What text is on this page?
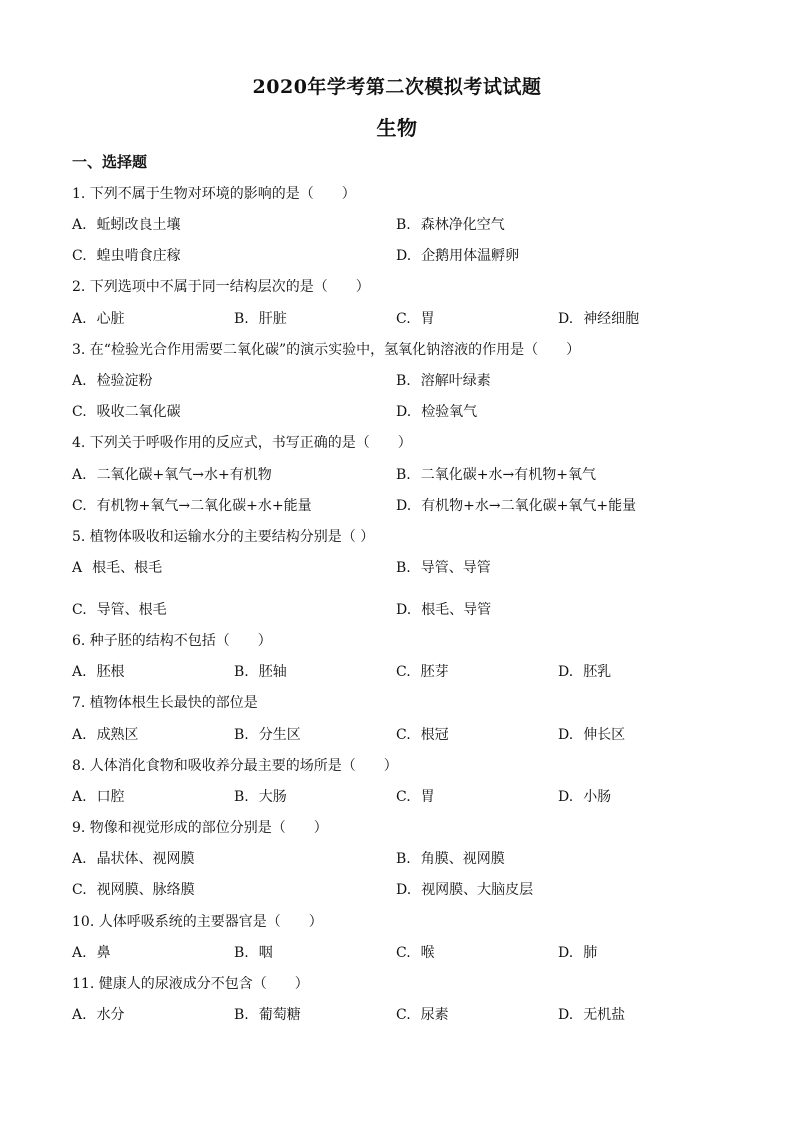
2020年学考第二次模拟考试试题
生物
一、选择题
1. 下列不属于生物对环境的影响的是（　　）
A. 蚯蚓改良土壤	B. 森林净化空气
C. 蝗虫啃食庄稼	D. 企鹅用体温孵卵
2. 下列选项中不属于同一结构层次的是（　　）
A. 心脏	B. 肝脏	C. 胃	D. 神经细胞
3. 在“检验光合作用需要二氧化碳”的演示实验中，氢氧化钠溶液的作用是（　　）
A. 检验淀粉	B. 溶解叶绿素
C. 吸收二氧化碳	D. 检验氧气
4. 下列关于呼吸作用的反应式，书写正确的是（　　）
A. 二氧化碳+氧气→水+有机物	B. 二氧化碳+水→有机物+氧气
C. 有机物+氧气→二氧化碳+水+能量	D. 有机物+水→二氧化碳+氧气+能量
5. 植物体吸收和运输水分的主要结构分别是（ ）
A 根毛、根毛	B. 导管、导管
C. 导管、根毛	D. 根毛、导管
6. 种子胚的结构不包括（　　）
A. 胚根	B. 胚轴	C. 胚芽	D. 胚乳
7. 植物体根生长最快的部位是
A. 成熟区	B. 分生区	C. 根冠	D. 伸长区
8. 人体消化食物和吸收养分最主要的场所是（　　）
A. 口腔	B. 大肠	C. 胃	D. 小肠
9. 物像和视觉形成的部位分别是（　　）
A. 晶状体、视网膜	B. 角膜、视网膜
C. 视网膜、脉络膜	D. 视网膜、大脑皮层
10. 人体呼吸系统的主要器官是（　　）
A. 鼻	B. 咽	C. 喉	D. 肺
11. 健康人的尿液成分不包含（　　）
A. 水分	B. 葡萄糖	C. 尿素	D. 无机盐
